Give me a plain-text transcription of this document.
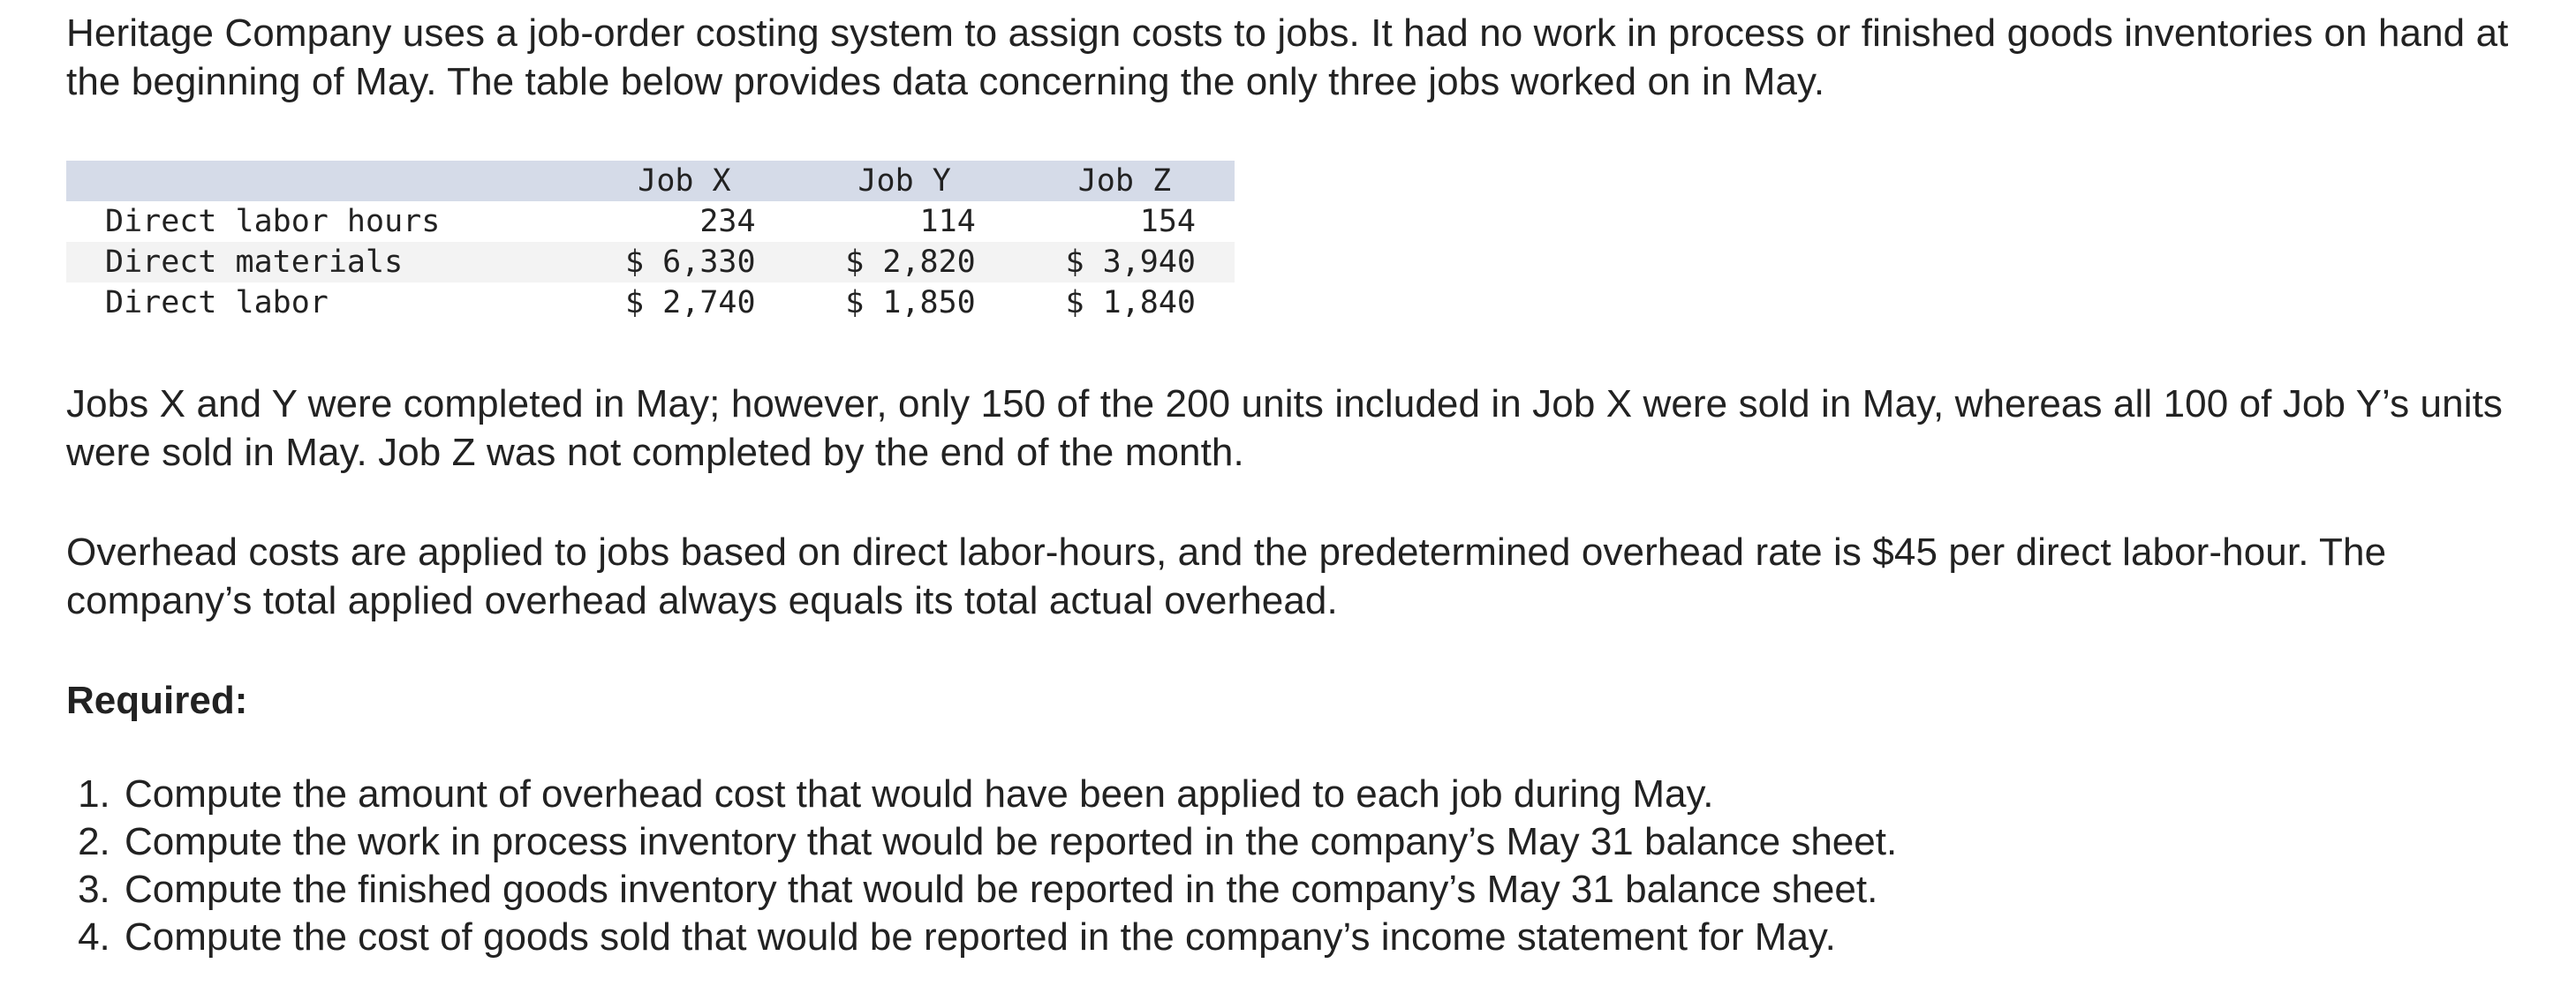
Heritage Company uses a job-order costing system to assign costs to jobs. It had no work in process or finished goods inventories on hand at the beginning of May. The table below provides data concerning the only three jobs worked on in May.

	Job X	Job Y	Job Z
Direct labor hours	234	114	154
Direct materials	$ 6,330	$ 2,820	$ 3,940
Direct labor	$ 2,740	$ 1,850	$ 1,840

Jobs X and Y were completed in May; however, only 150 of the 200 units included in Job X were sold in May, whereas all 100 of Job Y’s units were sold in May. Job Z was not completed by the end of the month.

Overhead costs are applied to jobs based on direct labor-hours, and the predetermined overhead rate is $45 per direct labor-hour. The company’s total applied overhead always equals its total actual overhead.

Required:
1. Compute the amount of overhead cost that would have been applied to each job during May.
2. Compute the work in process inventory that would be reported in the company’s May 31 balance sheet.
3. Compute the finished goods inventory that would be reported in the company’s May 31 balance sheet.
4. Compute the cost of goods sold that would be reported in the company’s income statement for May.
